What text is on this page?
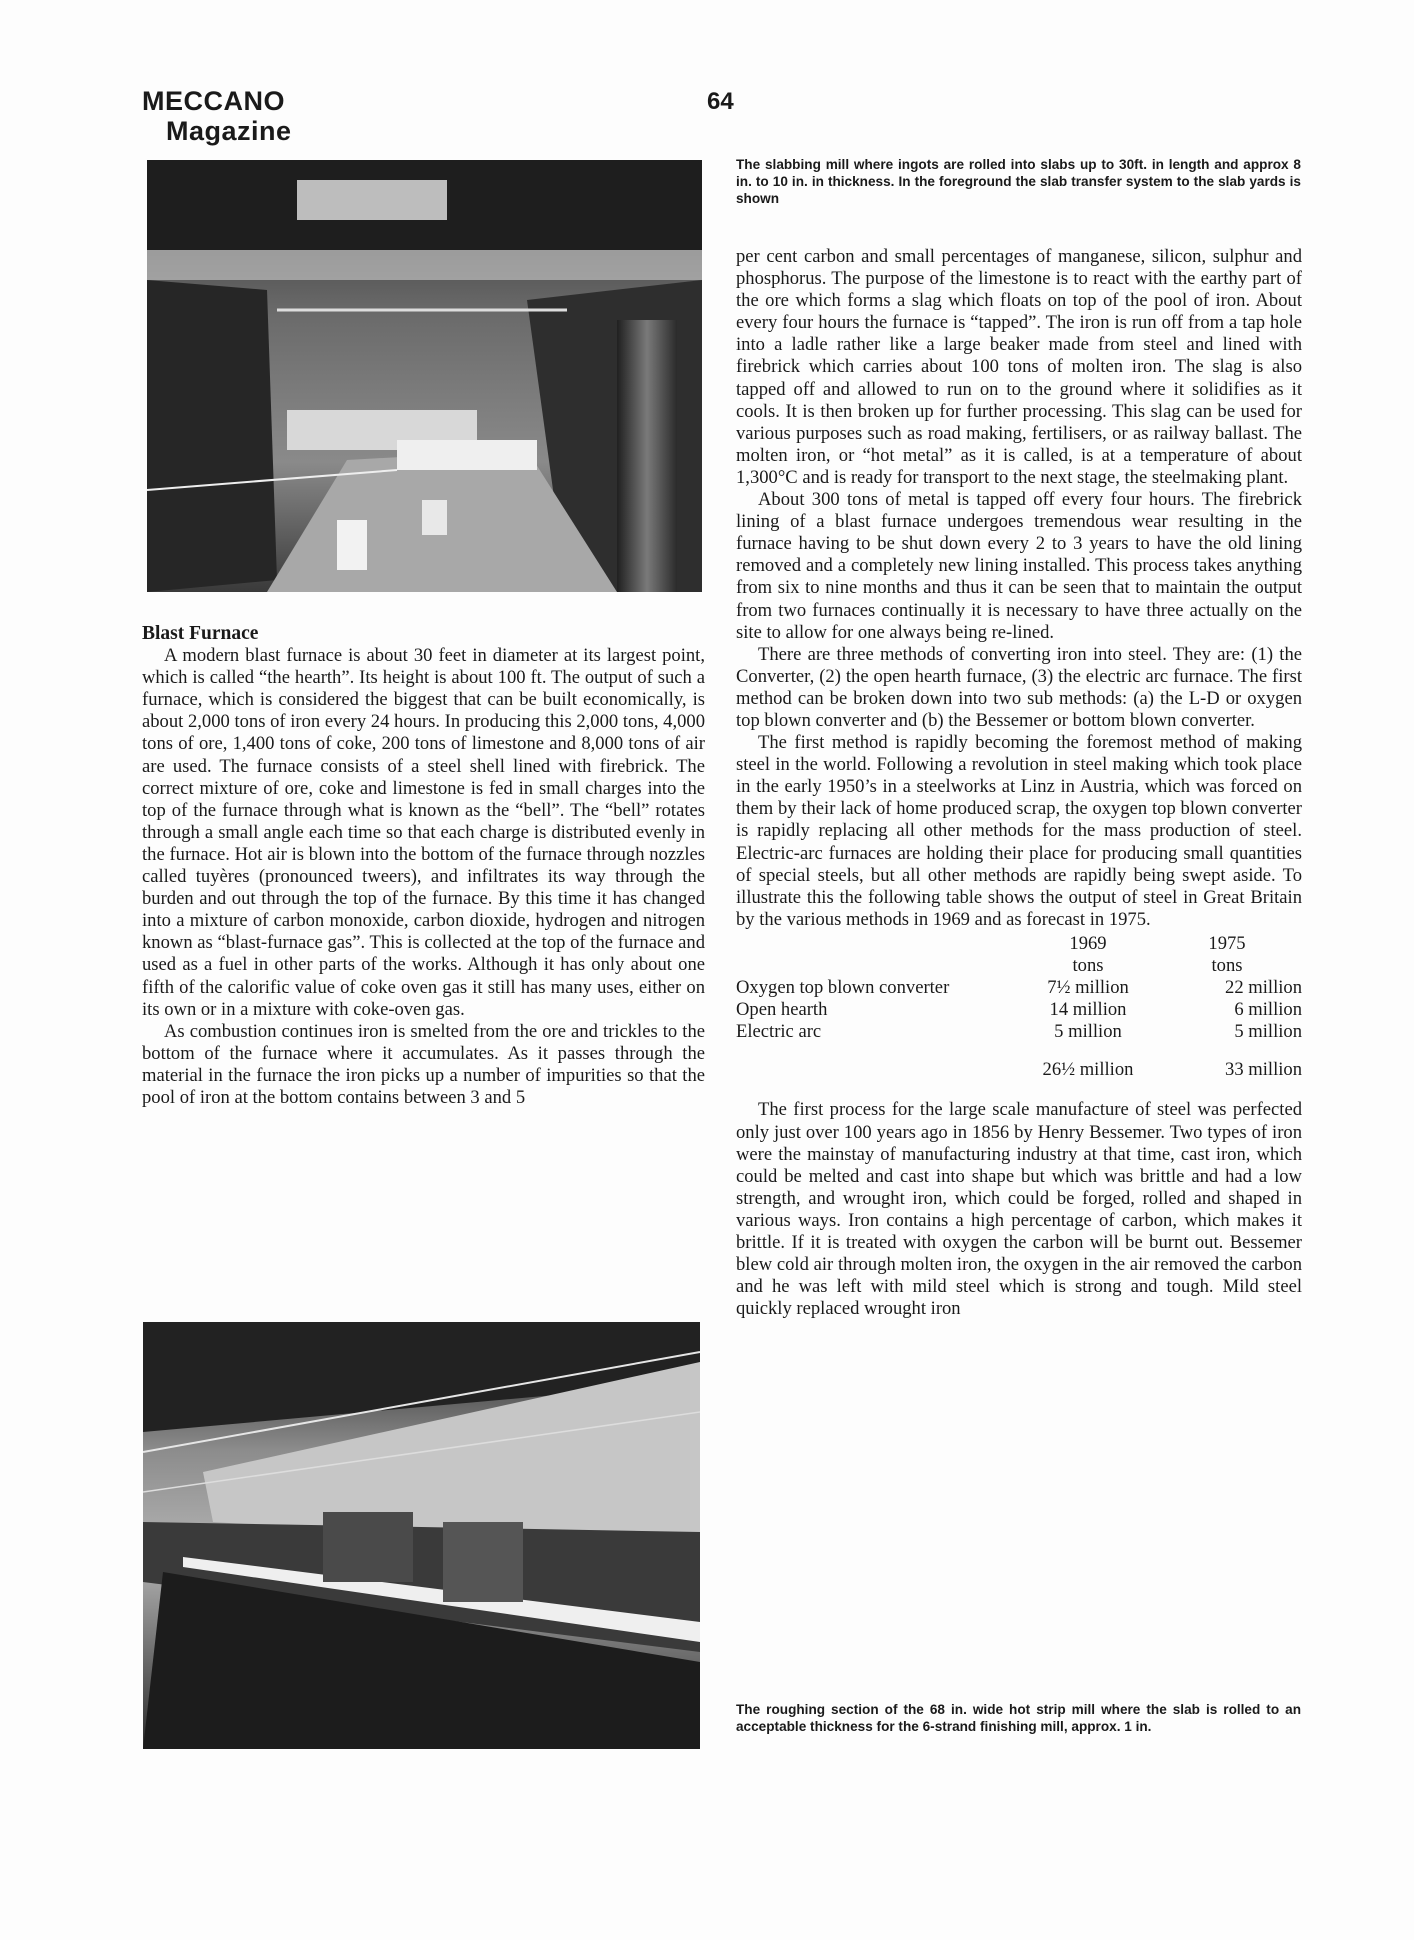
MECCANO
Magazine
64
The slabbing mill where ingots are rolled into slabs up to 30ft. in length and approx 8 in. to 10 in. in thickness. In the foreground the slab transfer system to the slab yards is shown

Blast Furnace

A modern blast furnace is about 30 feet in diameter at its largest point, which is called “the hearth”. Its height is about 100 ft. The output of such a furnace, which is considered the biggest that can be built economically, is about 2,000 tons of iron every 24 hours. In producing this 2,000 tons, 4,000 tons of ore, 1,400 tons of coke, 200 tons of limestone and 8,000 tons of air are used. The furnace consists of a steel shell lined with firebrick. The correct mixture of ore, coke and limestone is fed in small charges into the top of the furnace through what is known as the “bell”. The “bell” rotates through a small angle each time so that each charge is distributed evenly in the furnace. Hot air is blown into the bottom of the furnace through nozzles called tuyères (pronounced tweers), and infiltrates its way through the burden and out through the top of the furnace. By this time it has changed into a mixture of carbon monoxide, carbon dioxide, hydrogen and nitrogen known as “blast-furnace gas”. This is collected at the top of the furnace and used as a fuel in other parts of the works. Although it has only about one fifth of the calorific value of coke oven gas it still has many uses, either on its own or in a mixture with coke-oven gas.

As combustion continues iron is smelted from the ore and trickles to the bottom of the furnace where it accumulates. As it passes through the material in the furnace the iron picks up a number of impurities so that the pool of iron at the bottom contains between 3 and 5

per cent carbon and small percentages of manganese, silicon, sulphur and phosphorus. The purpose of the limestone is to react with the earthy part of the ore which forms a slag which floats on top of the pool of iron. About every four hours the furnace is “tapped”. The iron is run off from a tap hole into a ladle rather like a large beaker made from steel and lined with firebrick which carries about 100 tons of molten iron. The slag is also tapped off and allowed to run on to the ground where it solidifies as it cools. It is then broken up for further processing. This slag can be used for various purposes such as road making, fertilisers, or as railway ballast. The molten iron, or “hot metal” as it is called, is at a temperature of about 1,300°C and is ready for transport to the next stage, the steelmaking plant.

About 300 tons of metal is tapped off every four hours. The firebrick lining of a blast furnace undergoes tremendous wear resulting in the furnace having to be shut down every 2 to 3 years to have the old lining removed and a completely new lining installed. This process takes anything from six to nine months and thus it can be seen that to maintain the output from two furnaces continually it is necessary to have three actually on the site to allow for one always being re-lined.

There are three methods of converting iron into steel. They are: (1) the Converter, (2) the open hearth furnace, (3) the electric arc furnace. The first method can be broken down into two sub methods: (a) the L-D or oxygen top blown converter and (b) the Bessemer or bottom blown converter.

The first method is rapidly becoming the foremost method of making steel in the world. Following a revolution in steel making which took place in the early 1950’s in a steelworks at Linz in Austria, which was forced on them by their lack of home produced scrap, the oxygen top blown converter is rapidly replacing all other methods for the mass production of steel. Electric-arc furnaces are holding their place for producing small quantities of special steels, but all other methods are rapidly being swept aside. To illustrate this the following table shows the output of steel in Great Britain by the various methods in 1969 and as forecast in 1975.

	1969	1975
	tons	tons
Oxygen top blown converter	7½ million	22 million
Open hearth	14 million	6 million
Electric arc	5 million	5 million
	26½ million	33 million

The first process for the large scale manufacture of steel was perfected only just over 100 years ago in 1856 by Henry Bessemer. Two types of iron were the mainstay of manufacturing industry at that time, cast iron, which could be melted and cast into shape but which was brittle and had a low strength, and wrought iron, which could be forged, rolled and shaped in various ways. Iron contains a high percentage of carbon, which makes it brittle. If it is treated with oxygen the carbon will be burnt out. Bessemer blew cold air through molten iron, the oxygen in the air removed the carbon and he was left with mild steel which is strong and tough. Mild steel quickly replaced wrought iron

The roughing section of the 68 in. wide hot strip mill where the slab is rolled to an acceptable thickness for the 6-strand finishing mill, approx. 1 in.
